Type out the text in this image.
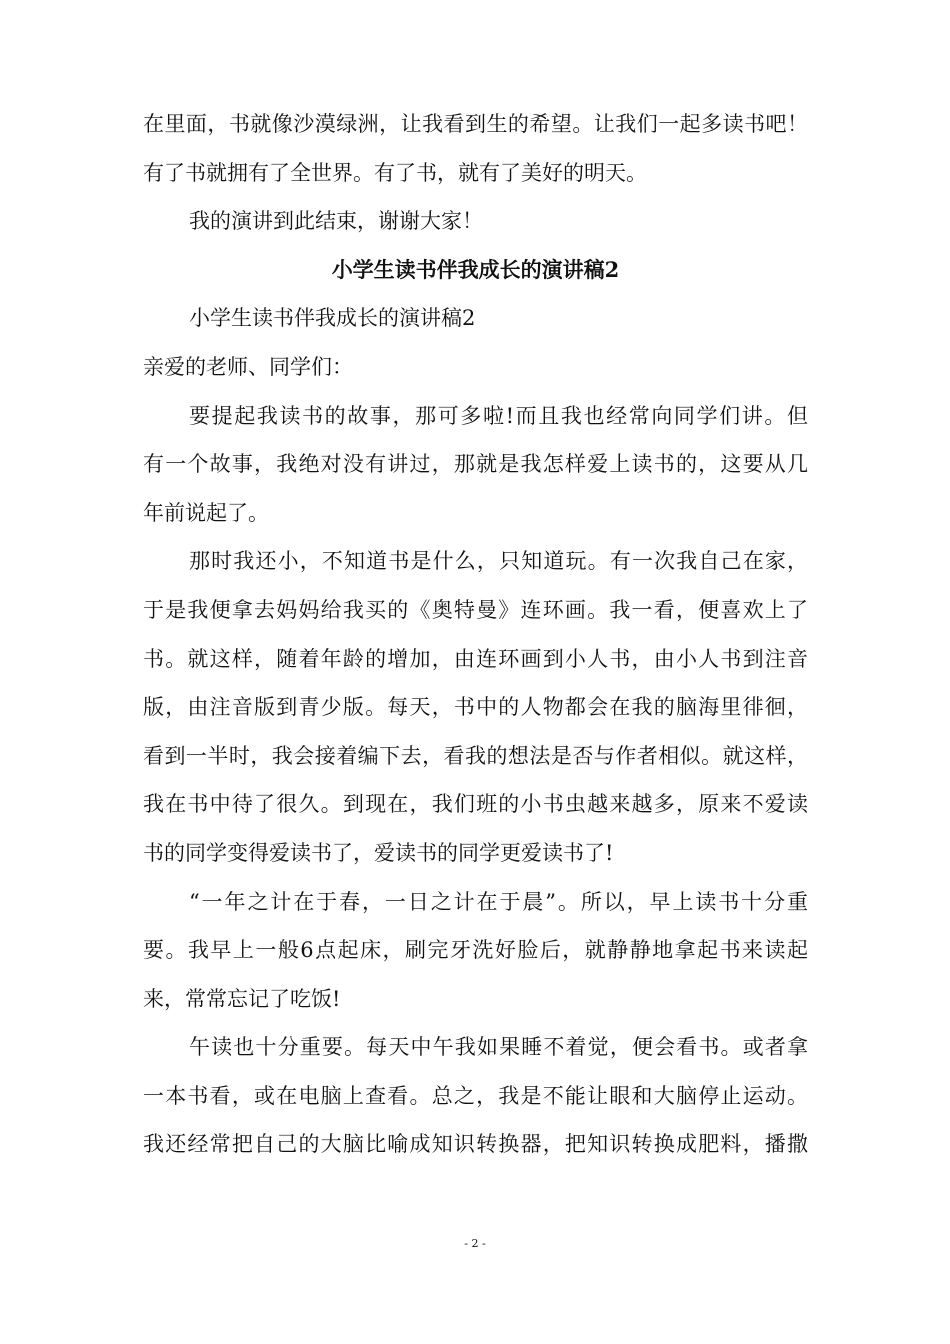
在里面，书就像沙漠绿洲，让我看到生的希望。让我们一起多读书吧！
有了书就拥有了全世界。有了书，就有了美好的明天。
我的演讲到此结束，谢谢大家！
小学生读书伴我成长的演讲稿2
小学生读书伴我成长的演讲稿2
亲爱的老师、同学们：
要提起我读书的故事，那可多啦!而且我也经常向同学们讲。但
有一个故事，我绝对没有讲过，那就是我怎样爱上读书的，这要从几
年前说起了。
那时我还小，不知道书是什么，只知道玩。有一次我自己在家，
于是我便拿去妈妈给我买的《奥特曼》连环画。我一看，便喜欢上了
书。就这样，随着年龄的增加，由连环画到小人书，由小人书到注音
版，由注音版到青少版。每天，书中的人物都会在我的脑海里徘徊，
看到一半时，我会接着编下去，看我的想法是否与作者相似。就这样，
我在书中待了很久。到现在，我们班的小书虫越来越多，原来不爱读
书的同学变得爱读书了，爱读书的同学更爱读书了!
“一年之计在于春，一日之计在于晨”。所以，早上读书十分重
要。我早上一般6点起床，刷完牙洗好脸后，就静静地拿起书来读起
来，常常忘记了吃饭!
午读也十分重要。每天中午我如果睡不着觉，便会看书。或者拿
一本书看，或在电脑上查看。总之，我是不能让眼和大脑停止运动。
我还经常把自己的大脑比喻成知识转换器，把知识转换成肥料，播撒
- 2 -
